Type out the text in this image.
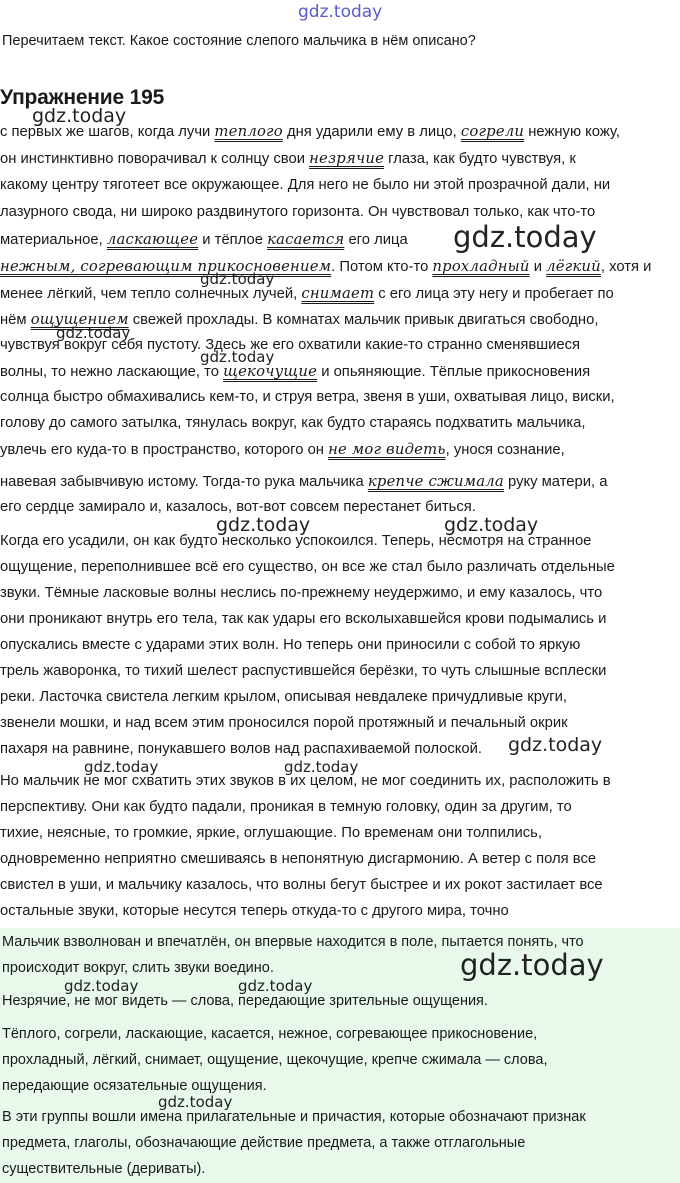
gdz.today
Перечитаем текст. Какое состояние слепого мальчика в нём описано?
Упражнение 195
gdz.today
с первых же шагов, когда лучи теплого дня ударили ему в лицо, согрели нежную кожу,
он инстинктивно поворачивал к солнцу свои незрячие глаза, как будто чувствуя, к
какому центру тяготеет все окружающее. Для него не было ни этой прозрачной дали, ни
лазурного свода, ни широко раздвинутого горизонта. Он чувствовал только, как что-то
материальное, ласкающее и тёплое касается его лица gdz.today
нежным, согревающим прикосновением. Потом кто-то прохладный и лёгкий, хотя и
gdz.today
менее лёгкий, чем тепло солнечных лучей, снимает с его лица эту негу и пробегает по
нём ощущением свежей прохлады. В комнатах мальчик привык двигаться свободно,
gdz.today
чувствуя вокруг себя пустоту. Здесь же его охватили какие-то странно сменявшиеся
gdz.today
волны, то нежно ласкающие, то щекочущие и опьяняющие. Тёплые прикосновения
солнца быстро обмахивались кем-то, и струя ветра, звеня в уши, охватывая лицо, виски,
голову до самого затылка, тянулась вокруг, как будто стараясь подхватить мальчика,
увлечь его куда-то в пространство, которого он не мог видеть, унося сознание,
навевая забывчивую истому. Тогда-то рука мальчика крепче сжимала руку матери, а
его сердце замирало и, казалось, вот-вот совсем перестанет биться.
gdz.today	gdz.today
Когда его усадили, он как будто несколько успокоился. Теперь, несмотря на странное
ощущение, переполнившее всё его существо, он все же стал было различать отдельные
звуки. Тёмные ласковые волны неслись по-прежнему неудержимо, и ему казалось, что
они проникают внутрь его тела, так как удары его всколыхавшейся крови подымались и
опускались вместе с ударами этих волн. Но теперь они приносили с собой то яркую
трель жаворонка, то тихий шелест распустившейся берёзки, то чуть слышные всплески
реки. Ласточка свистела легким крылом, описывая невдалеке причудливые круги,
звенели мошки, и над всем этим проносился порой протяжный и печальный окрик
пахаря на равнине, понукавшего волов над распахиваемой полоской. gdz.today
gdz.today	gdz.today
Но мальчик не мог схватить этих звуков в их целом, не мог соединить их, расположить в
перспективу. Они как будто падали, проникая в темную головку, один за другим, то
тихие, неясные, то громкие, яркие, оглушающие. По временам они толпились,
одновременно неприятно смешиваясь в непонятную дисгармонию. А ветер с поля все
свистел в уши, и мальчику казалось, что волны бегут быстрее и их рокот застилает все
остальные звуки, которые несутся теперь откуда-то с другого мира, точно
Мальчик взволнован и впечатлён, он впервые находится в поле, пытается понять, что
происходит вокруг, слить звуки воедино.	gdz.today
gdz.today	gdz.today
Незрячие, не мог видеть — слова, передающие зрительные ощущения.
Тёплого, согрели, ласкающие, касается, нежное, согревающее прикосновение,
прохладный, лёгкий, снимает, ощущение, щекочущие, крепче сжимала — слова,
передающие осязательные ощущения.
gdz.today
В эти группы вошли имена прилагательные и причастия, которые обозначают признак
предмета, глаголы, обозначающие действие предмета, а также отглагольные
существительные (дериваты).
